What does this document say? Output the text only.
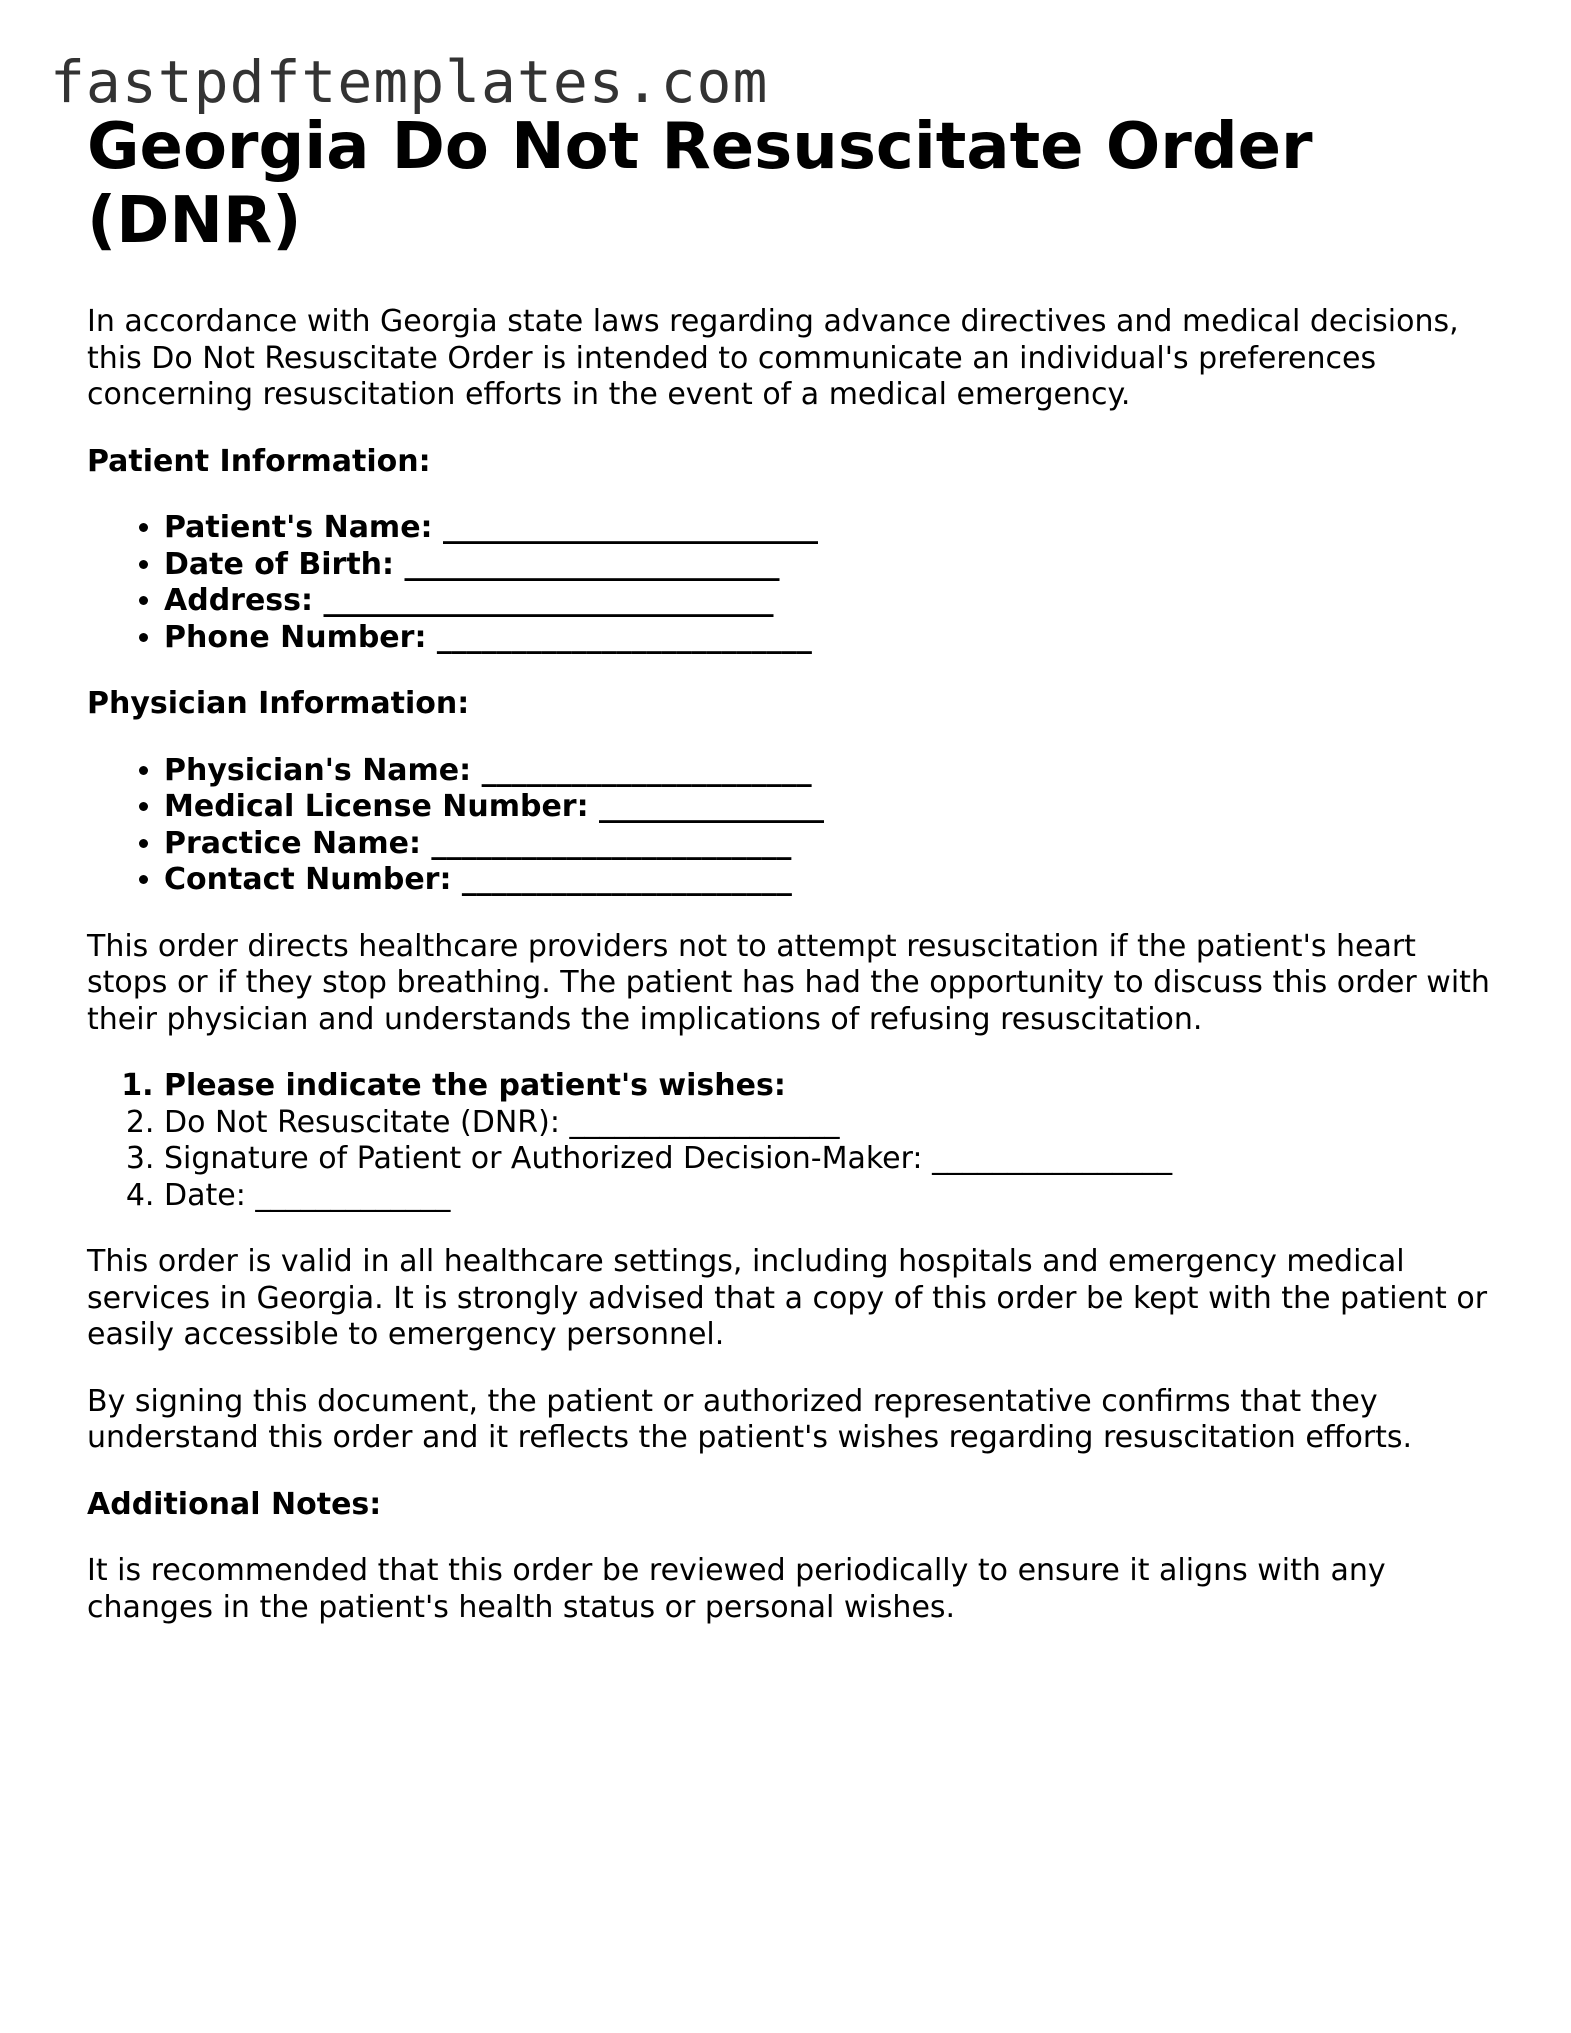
fastpdftemplates.com
Georgia Do Not Resuscitate Order (DNR)

In accordance with Georgia state laws regarding advance directives and medical decisions, this Do Not Resuscitate Order is intended to communicate an individual's preferences concerning resuscitation efforts in the event of a medical emergency.

Patient Information:

• Patient's Name: _________________________
• Date of Birth: _________________________
• Address: ______________________________
• Phone Number: _________________________

Physician Information:

• Physician's Name: ______________________
• Medical License Number: _______________
• Practice Name: ________________________
• Contact Number: ______________________

This order directs healthcare providers not to attempt resuscitation if the patient's heart stops or if they stop breathing. The patient has had the opportunity to discuss this order with their physician and understands the implications of refusing resuscitation.

1. Please indicate the patient's wishes:
2. Do Not Resuscitate (DNR): __________________
3. Signature of Patient or Authorized Decision-Maker: ________________
4. Date: _____________

This order is valid in all healthcare settings, including hospitals and emergency medical services in Georgia. It is strongly advised that a copy of this order be kept with the patient or easily accessible to emergency personnel.

By signing this document, the patient or authorized representative confirms that they understand this order and it reflects the patient's wishes regarding resuscitation efforts.

Additional Notes:

It is recommended that this order be reviewed periodically to ensure it aligns with any changes in the patient's health status or personal wishes.
